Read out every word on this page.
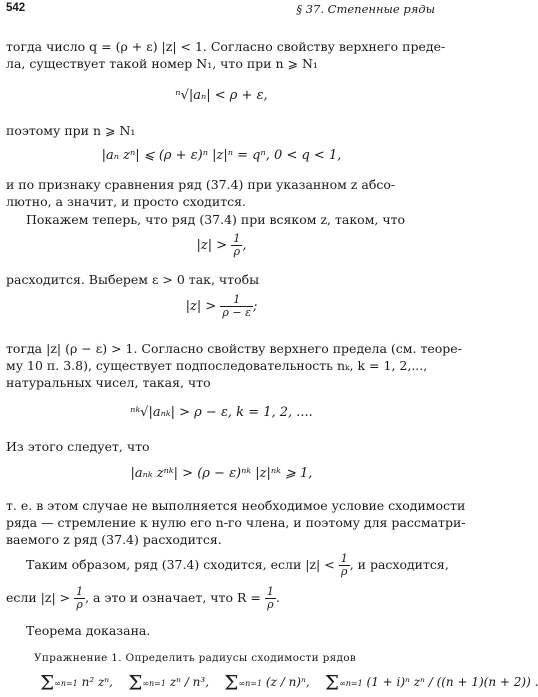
542	§ 37. Степенные ряды
тогда число q = (ρ + ε) |z| < 1. Согласно свойству верхнего преде-
ла, существует такой номер N₁, что при n ⩾ N₁
ⁿ√|aₙ| < ρ + ε,
поэтому при n ⩾ N₁
|aₙ zⁿ| ⩽ (ρ + ε)ⁿ |z|ⁿ = qⁿ, 0 < q < 1,
и по признаку сравнения ряд (37.4) при указанном z абсо-
лютно, а значит, и просто сходится.
Покажем теперь, что ряд (37.4) при всяком z, таком, что
$|z| > \frac{1}{\rho}$ ,
расходится. Выберем ε > 0 так, чтобы
$|z| > \frac{1}{\rho - \varepsilon}$ ;
тогда |z| (ρ − ε) > 1. Согласно свойству верхнего предела (см. теоре-
му 10 п. 3.8), существует подпоследовательность nₖ, k = 1, 2,...,
натуральных чисел, такая, что
ⁿᵏ√|aₙₖ| > ρ − ε, k = 1, 2, ....
Из этого следует, что
|aₙₖ zⁿᵏ| > (ρ − ε)ⁿᵏ |z|ⁿᵏ ⩾ 1,
т. е. в этом случае не выполняется необходимое условие сходимости
ряда — стремление к нулю его n-го члена, и поэтому для рассматри-
ваемого z ряд (37.4) расходится.
Таким образом, ряд (37.4) сходится, если $|z| < \frac{1}{\rho}$ , и расходится,
если $|z| > \frac{1}{\rho}$ , а это и означает, что $R = \frac{1}{\rho}$ .
Теорема доказана.
Упражнение 1. Определить радиусы сходимости рядов
Σ∞n=1 n² zⁿ, Σ∞n=1 zⁿ / n³, Σ∞n=1 (z / n)ⁿ, Σ∞n=1 (1 + i)ⁿ zⁿ / ((n + 1)(n + 2)) .
